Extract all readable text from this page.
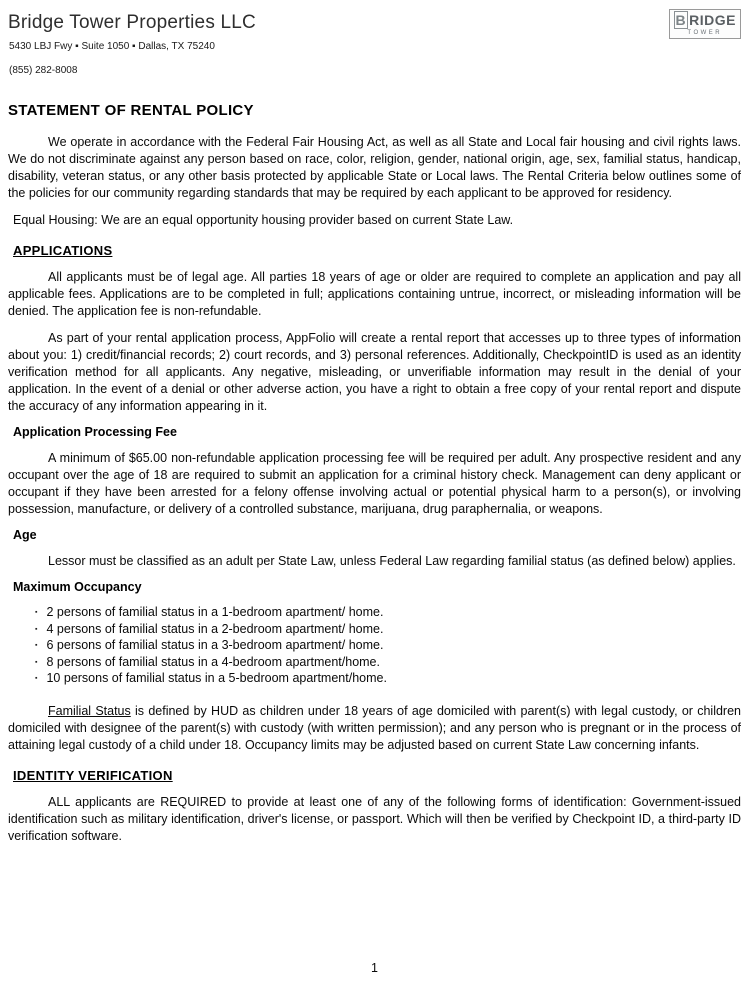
Bridge Tower Properties LLC
5430 LBJ Fwy ▪ Suite 1050 ▪ Dallas, TX 75240
(855) 282-8008
B RIDGE
TOWER
STATEMENT OF RENTAL POLICY

We operate in accordance with the Federal Fair Housing Act, as well as all State and Local fair housing and civil rights laws. We do not discriminate against any person based on race, color, religion, gender, national origin, age, sex, familial status, handicap, disability, veteran status, or any other basis protected by applicable State or Local laws. The Rental Criteria below outlines some of the policies for our community regarding standards that may be required by each applicant to be approved for residency.

Equal Housing: We are an equal opportunity housing provider based on current State Law.

APPLICATIONS

All applicants must be of legal age. All parties 18 years of age or older are required to complete an application and pay all applicable fees. Applications are to be completed in full; applications containing untrue, incorrect, or misleading information will be denied. The application fee is non-refundable.

As part of your rental application process, AppFolio will create a rental report that accesses up to three types of information about you: 1) credit/financial records; 2) court records, and 3) personal references. Additionally, CheckpointID is used as an identity verification method for all applicants. Any negative, misleading, or unverifiable information may result in the denial of your application. In the event of a denial or other adverse action, you have a right to obtain a free copy of your rental report and dispute the accuracy of any information appearing in it.

Application Processing Fee

A minimum of $65.00 non-refundable application processing fee will be required per adult. Any prospective resident and any occupant over the age of 18 are required to submit an application for a criminal history check. Management can deny applicant or occupant if they have been arrested for a felony offense involving actual or potential physical harm to a person(s), or involving possession, manufacture, or delivery of a controlled substance, marijuana, drug paraphernalia, or weapons.

Age

Lessor must be classified as an adult per State Law, unless Federal Law regarding familial status (as defined below) applies.

Maximum Occupancy
▪ 2 persons of familial status in a 1-bedroom apartment/ home.
▪ 4 persons of familial status in a 2-bedroom apartment/ home.
▪ 6 persons of familial status in a 3-bedroom apartment/ home.
▪ 8 persons of familial status in a 4-bedroom apartment/home.
▪ 10 persons of familial status in a 5-bedroom apartment/home.

Familial Status is defined by HUD as children under 18 years of age domiciled with parent(s) with legal custody, or children domiciled with designee of the parent(s) with custody (with written permission); and any person who is pregnant or in the process of attaining legal custody of a child under 18. Occupancy limits may be adjusted based on current State Law concerning infants.

IDENTITY VERIFICATION

ALL applicants are REQUIRED to provide at least one of any of the following forms of identification: Government-issued identification such as military identification, driver's license, or passport. Which will then be verified by Checkpoint ID, a third-party ID verification software.

1
